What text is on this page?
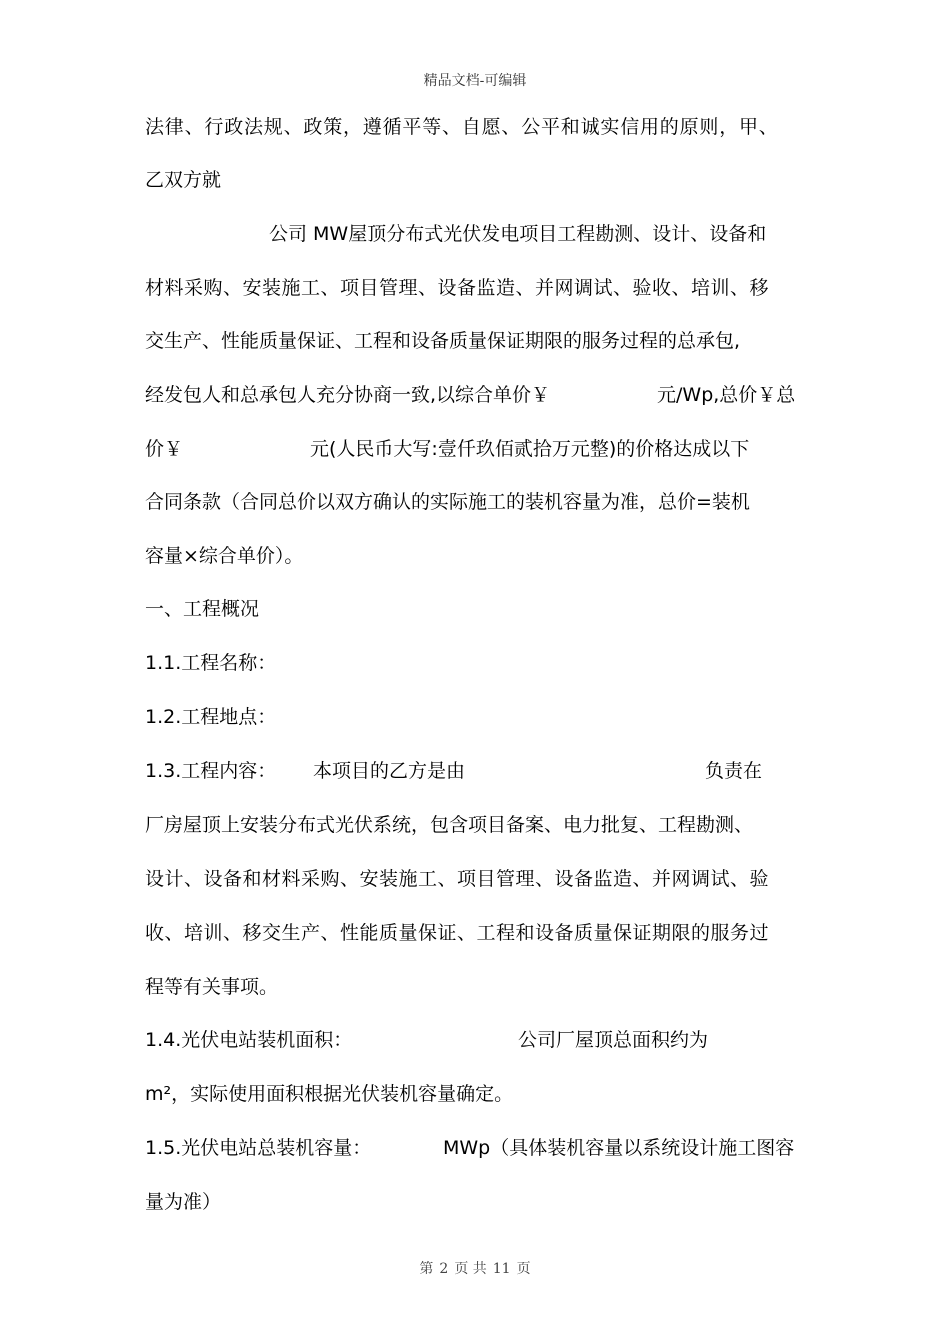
精品文档-可编辑
法律、行政法规、政策，遵循平等、自愿、公平和诚实信用的原则，甲、
乙双方就
公司 MW屋顶分布式光伏发电项目工程勘测、设计、设备和
材料采购、安装施工、项目管理、设备监造、并网调试、验收、培训、移
交生产、性能质量保证、工程和设备质量保证期限的服务过程的总承包,
经发包人和总承包人充分协商一致,以综合单价￥	元/Wp,总价￥总
价￥	元(人民币大写:壹仟玖佰贰拾万元整)的价格达成以下
合同条款（合同总价以双方确认的实际施工的装机容量为准，总价=装机
容量×综合单价）。
一、工程概况
1.1.工程名称：
1.2.工程地点：
1.3.工程内容： 本项目的乙方是由	负责在
厂房屋顶上安装分布式光伏系统，包含项目备案、电力批复、工程勘测、
设计、设备和材料采购、安装施工、项目管理、设备监造、并网调试、验
收、培训、移交生产、性能质量保证、工程和设备质量保证期限的服务过
程等有关事项。
1.4.光伏电站装机面积：	公司厂屋顶总面积约为
m²，实际使用面积根据光伏装机容量确定。
1.5.光伏电站总装机容量：	MWp（具体装机容量以系统设计施工图容
量为准）
第 2 页 共 11 页
